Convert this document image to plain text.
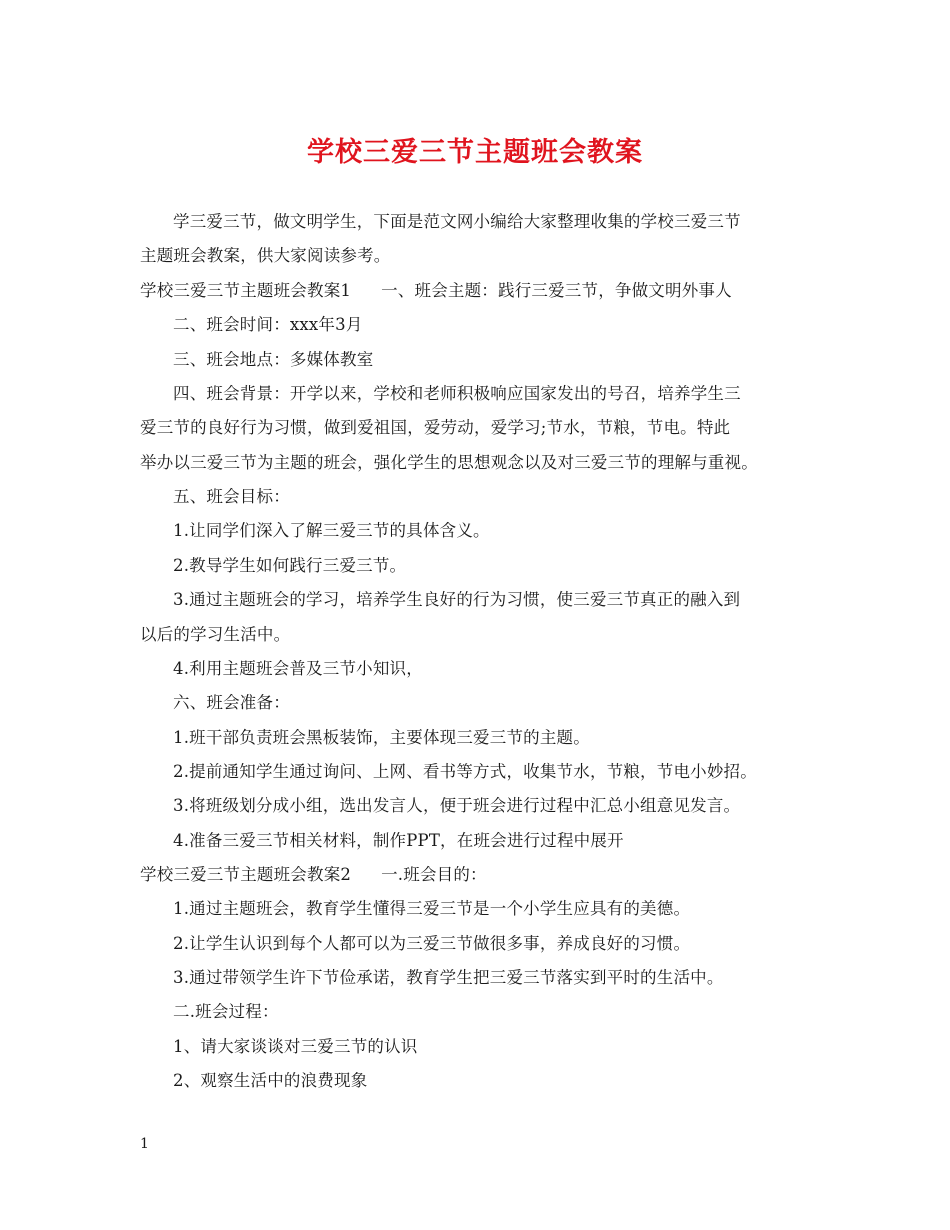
学校三爱三节主题班会教案
学三爱三节，做文明学生，下面是范文网小编给大家整理收集的学校三爱三节
主题班会教案，供大家阅读参考。
学校三爱三节主题班会教案1 一、班会主题：践行三爱三节，争做文明外事人
二、班会时间：xxx年3月
三、班会地点：多媒体教室
四、班会背景：开学以来，学校和老师积极响应国家发出的号召，培养学生三
爱三节的良好行为习惯，做到爱祖国，爱劳动，爱学习;节水，节粮，节电。特此
举办以三爱三节为主题的班会，强化学生的思想观念以及对三爱三节的理解与重视。
五、班会目标：
1.让同学们深入了解三爱三节的具体含义。
2.教导学生如何践行三爱三节。
3.通过主题班会的学习，培养学生良好的行为习惯，使三爱三节真正的融入到
以后的学习生活中。
4.利用主题班会普及三节小知识，
六、班会准备：
1.班干部负责班会黑板装饰，主要体现三爱三节的主题。
2.提前通知学生通过询问、上网、看书等方式，收集节水，节粮，节电小妙招。
3.将班级划分成小组，选出发言人，便于班会进行过程中汇总小组意见发言。
4.准备三爱三节相关材料，制作PPT，在班会进行过程中展开
学校三爱三节主题班会教案2 一.班会目的：
1.通过主题班会，教育学生懂得三爱三节是一个小学生应具有的美德。
2.让学生认识到每个人都可以为三爱三节做很多事，养成良好的习惯。
3.通过带领学生许下节俭承诺，教育学生把三爱三节落实到平时的生活中。
二.班会过程：
1、请大家谈谈对三爱三节的认识
2、观察生活中的浪费现象
1
